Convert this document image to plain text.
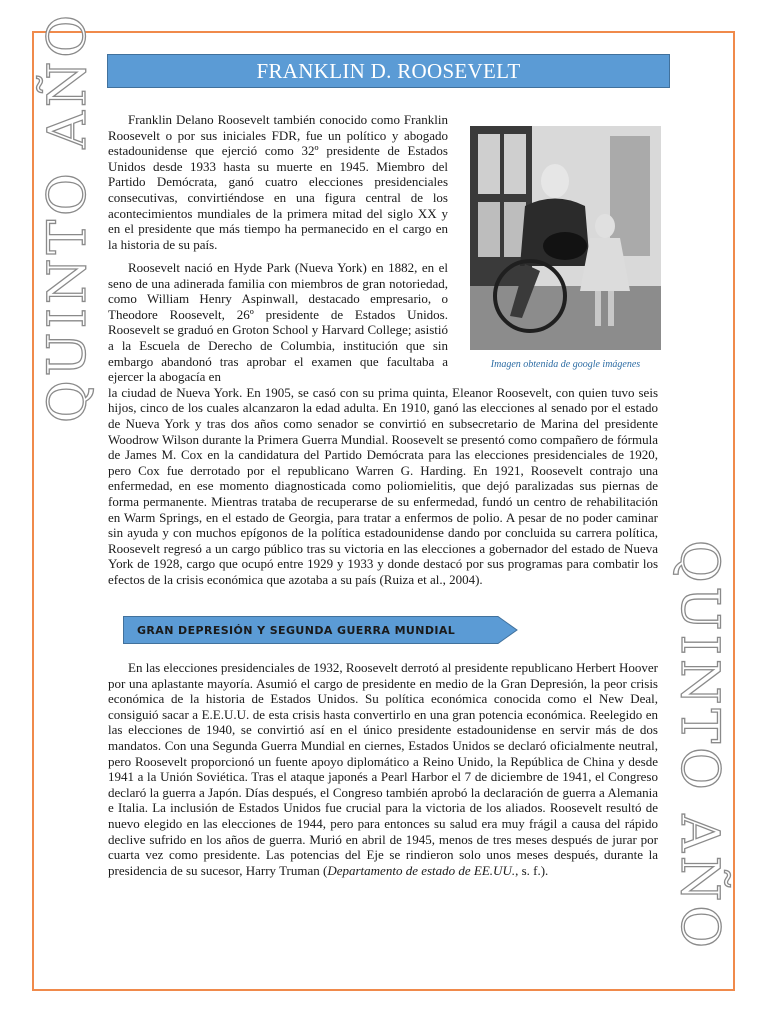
FRANKLIN D. ROOSEVELT
QUINTO AÑO
QUINTO AÑO
Imagen obtenida de google imágenes

Franklin Delano Roosevelt también conocido como Franklin Roosevelt o por sus iniciales FDR, fue un político y abogado estadounidense que ejerció como 32º presidente de Estados Unidos desde 1933 hasta su muerte en 1945. Miembro del Partido Demócrata, ganó cuatro elecciones presidenciales consecutivas, convirtiéndose en una figura central de los acontecimientos mundiales de la primera mitad del siglo XX y en el presidente que más tiempo ha permanecido en el cargo en la historia de su país.

Roosevelt nació en Hyde Park (Nueva York) en 1882, en el seno de una adinerada familia con miembros de gran notoriedad, como William Henry Aspinwall, destacado empresario, o Theodore Roosevelt, 26º presidente de Estados Unidos. Roosevelt se graduó en Groton School y Harvard College; asistió a la Escuela de Derecho de Columbia, institución que sin embargo abandonó tras aprobar el examen que facultaba a ejercer la abogacía en

la ciudad de Nueva York. En 1905, se casó con su prima quinta, Eleanor Roosevelt, con quien tuvo seis hijos, cinco de los cuales alcanzaron la edad adulta. En 1910, ganó las elecciones al senado por el estado de Nueva York y tras dos años como senador se convirtió en subsecretario de Marina del presidente Woodrow Wilson durante la Primera Guerra Mundial. Roosevelt se presentó como compañero de fórmula de James M. Cox en la candidatura del Partido Demócrata para las elecciones presidenciales de 1920, pero Cox fue derrotado por el republicano Warren G. Harding. En 1921, Roosevelt contrajo una enfermedad, en ese momento diagnosticada como poliomielitis, que dejó paralizadas sus piernas de forma permanente. Mientras trataba de recuperarse de su enfermedad, fundó un centro de rehabilitación en Warm Springs, en el estado de Georgia, para tratar a enfermos de polio. A pesar de no poder caminar sin ayuda y con muchos epígonos de la política estadounidense dando por concluida su carrera política, Roosevelt regresó a un cargo público tras su victoria en las elecciones a gobernador del estado de Nueva York de 1928, cargo que ocupó entre 1929 y 1933 y donde destacó por sus programas para combatir los efectos de la crisis económica que azotaba a su país (Ruiza et al., 2004).

GRAN DEPRESIÓN Y SEGUNDA GUERRA MUNDIAL

En las elecciones presidenciales de 1932, Roosevelt derrotó al presidente republicano Herbert Hoover por una aplastante mayoría. Asumió el cargo de presidente en medio de la Gran Depresión, la peor crisis económica de la historia de Estados Unidos. Su política económica conocida como el New Deal, consiguió sacar a E.E.U.U. de esta crisis hasta convertirlo en una gran potencia económica. Reelegido en las elecciones de 1940, se convirtió así en el único presidente estadounidense en servir más de dos mandatos. Con una Segunda Guerra Mundial en ciernes, Estados Unidos se declaró oficialmente neutral, pero Roosevelt proporcionó un fuente apoyo diplomático a Reino Unido, la República de China y desde 1941 a la Unión Soviética. Tras el ataque japonés a Pearl Harbor el 7 de diciembre de 1941, el Congreso declaró la guerra a Japón. Días después, el Congreso también aprobó la declaración de guerra a Alemania e Italia. La inclusión de Estados Unidos fue crucial para la victoria de los aliados. Roosevelt resultó de nuevo elegido en las elecciones de 1944, pero para entonces su salud era muy frágil a causa del rápido declive sufrido en los años de guerra. Murió en abril de 1945, menos de tres meses después de jurar por cuarta vez como presidente. Las potencias del Eje se rindieron solo unos meses después, durante la presidencia de su sucesor, Harry Truman (Departamento de estado de EE.UU., s. f.).
